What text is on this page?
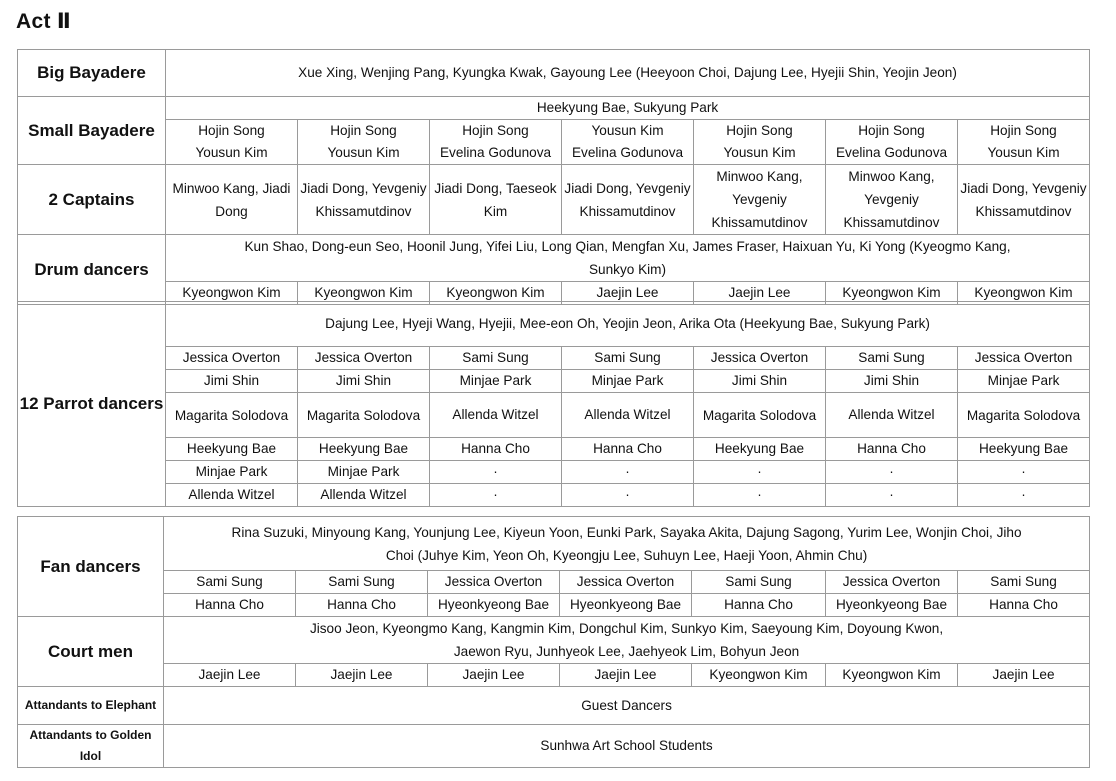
Act Ⅱ
Big Bayadere	Xue Xing, Wenjing Pang, Kyungka Kwak, Gayoung Lee (Heeyoon Choi, Dajung Lee, Hyejii Shin, Yeojin Jeon)						
Small Bayadere	Heekyung Bae, Sukyung Park						
	Hojin Song	Hojin Song	Hojin Song	Yousun Kim	Hojin Song	Hojin Song	Hojin Song
	Yousun Kim	Yousun Kim	Evelina Godunova	Evelina Godunova	Yousun Kim	Evelina Godunova	Yousun Kim
2 Captains	Minwoo Kang, Jiadi Dong	Jiadi Dong, Yevgeniy Khissamutdinov	Jiadi Dong, Taeseok Kim	Jiadi Dong, Yevgeniy Khissamutdinov	Minwoo Kang, Yevgeniy Khissamutdinov	Minwoo Kang, Yevgeniy Khissamutdinov	Jiadi Dong, Yevgeniy Khissamutdinov
Drum dancers	Kun Shao, Dong-eun Seo, Hoonil Jung, Yifei Liu, Long Qian, Mengfan Xu, James Fraser, Haixuan Yu, Ki Yong (Kyeogmo Kang, Sunkyo Kim)						
	Kyeongwon Kim	Kyeongwon Kim	Kyeongwon Kim	Jaejin Lee	Jaejin Lee	Kyeongwon Kim	Kyeongwon Kim
12 Parrot dancers	Dajung Lee, Hyeji Wang, Hyejii, Mee-eon Oh, Yeojin Jeon, Arika Ota (Heekyung Bae, Sukyung Park)						
	Jessica Overton	Jessica Overton	Sami Sung	Sami Sung	Jessica Overton	Sami Sung	Jessica Overton
	Jimi Shin	Jimi Shin	Minjae Park	Minjae Park	Jimi Shin	Jimi Shin	Minjae Park
	Magarita Solodova	Magarita Solodova	Allenda Witzel	Allenda Witzel	Magarita Solodova	Allenda Witzel	Magarita Solodova
	Heekyung Bae	Heekyung Bae	Hanna Cho	Hanna Cho	Heekyung Bae	Hanna Cho	Heekyung Bae
	Minjae Park	Minjae Park	·	·	·	·	·
	Allenda Witzel	Allenda Witzel	·	·	·	·	·
Fan dancers	Rina Suzuki, Minyoung Kang, Younjung Lee, Kiyeun Yoon, Eunki Park, Sayaka Akita, Dajung Sagong, Yurim Lee, Wonjin Choi, Jiho Choi (Juhye Kim, Yeon Oh, Kyeongju Lee, Suhuyn Lee, Haeji Yoon, Ahmin Chu)						
	Sami Sung	Sami Sung	Jessica Overton	Jessica Overton	Sami Sung	Jessica Overton	Sami Sung
	Hanna Cho	Hanna Cho	Hyeonkyeong Bae	Hyeonkyeong Bae	Hanna Cho	Hyeonkyeong Bae	Hanna Cho
Court men	Jisoo Jeon, Kyeongmo Kang, Kangmin Kim, Dongchul Kim, Sunkyo Kim, Saeyoung Kim, Doyoung Kwon, Jaewon Ryu, Junhyeok Lee, Jaehyeok Lim, Bohyun Jeon						
	Jaejin Lee	Jaejin Lee	Jaejin Lee	Jaejin Lee	Kyeongwon Kim	Kyeongwon Kim	Jaejin Lee
Attandants to Elephant	Guest Dancers						
Attandants to Golden Idol	Sunhwa Art School Students						
